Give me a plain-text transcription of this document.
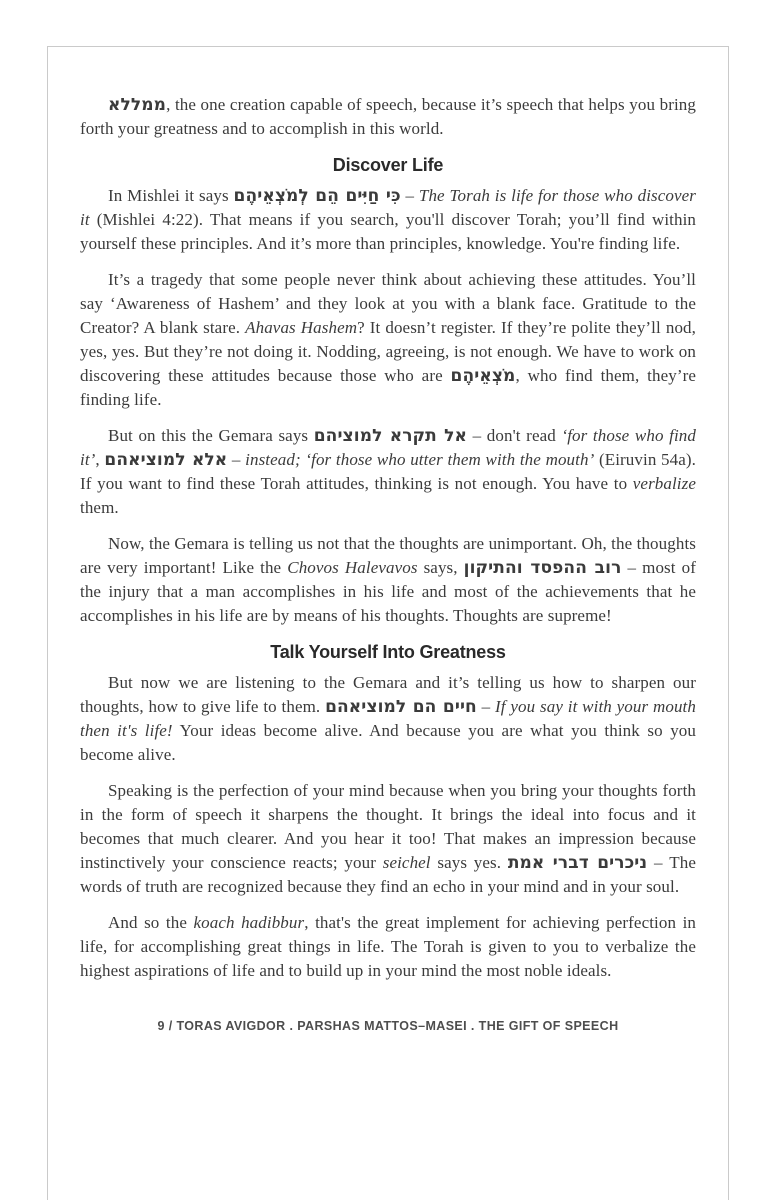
ממללא, the one creation capable of speech, because it’s speech that helps you bring forth your greatness and to accomplish in this world.

Discover Life

In Mishlei it says כִּי חַיִּים הֵם לְמֹצְאֵיהֶם – The Torah is life for those who discover it (Mishlei 4:22). That means if you search, you'll discover Torah; you’ll find within yourself these principles. And it’s more than principles, knowledge. You're finding life.

It’s a tragedy that some people never think about achieving these attitudes. You’ll say ‘Awareness of Hashem’ and they look at you with a blank face. Gratitude to the Creator? A blank stare. Ahavas Hashem? It doesn’t register. If they’re polite they’ll nod, yes, yes. But they’re not doing it. Nodding, agreeing, is not enough. We have to work on discovering these attitudes because those who are מֹצְאֵיהֶם, who find them, they’re finding life.

But on this the Gemara says אל תקרא למוציהם – don't read ‘for those who find it’, אלא למוציאהם – instead; ‘for those who utter them with the mouth’ (Eiruvin 54a). If you want to find these Torah attitudes, thinking is not enough. You have to verbalize them.

Now, the Gemara is telling us not that the thoughts are unimportant. Oh, the thoughts are very important! Like the Chovos Halevavos says, רוב ההפסד והתיקון – most of the injury that a man accomplishes in his life and most of the achievements that he accomplishes in his life are by means of his thoughts. Thoughts are supreme!

Talk Yourself Into Greatness

But now we are listening to the Gemara and it’s telling us how to sharpen our thoughts, how to give life to them. חיים הם למוציאהם – If you say it with your mouth then it's life! Your ideas become alive. And because you are what you think so you become alive.

Speaking is the perfection of your mind because when you bring your thoughts forth in the form of speech it sharpens the thought. It brings the ideal into focus and it becomes that much clearer. And you hear it too! That makes an impression because instinctively your conscience reacts; your seichel says yes. ניכרים דברי אמת – The words of truth are recognized because they find an echo in your mind and in your soul.

And so the koach hadibbur, that's the great implement for achieving perfection in life, for accomplishing great things in life. The Torah is given to you to verbalize the highest aspirations of life and to build up in your mind the most noble ideals.

9 / TORAS AVIGDOR . PARSHAS MATTOS–MASEI . THE GIFT OF SPEECH
